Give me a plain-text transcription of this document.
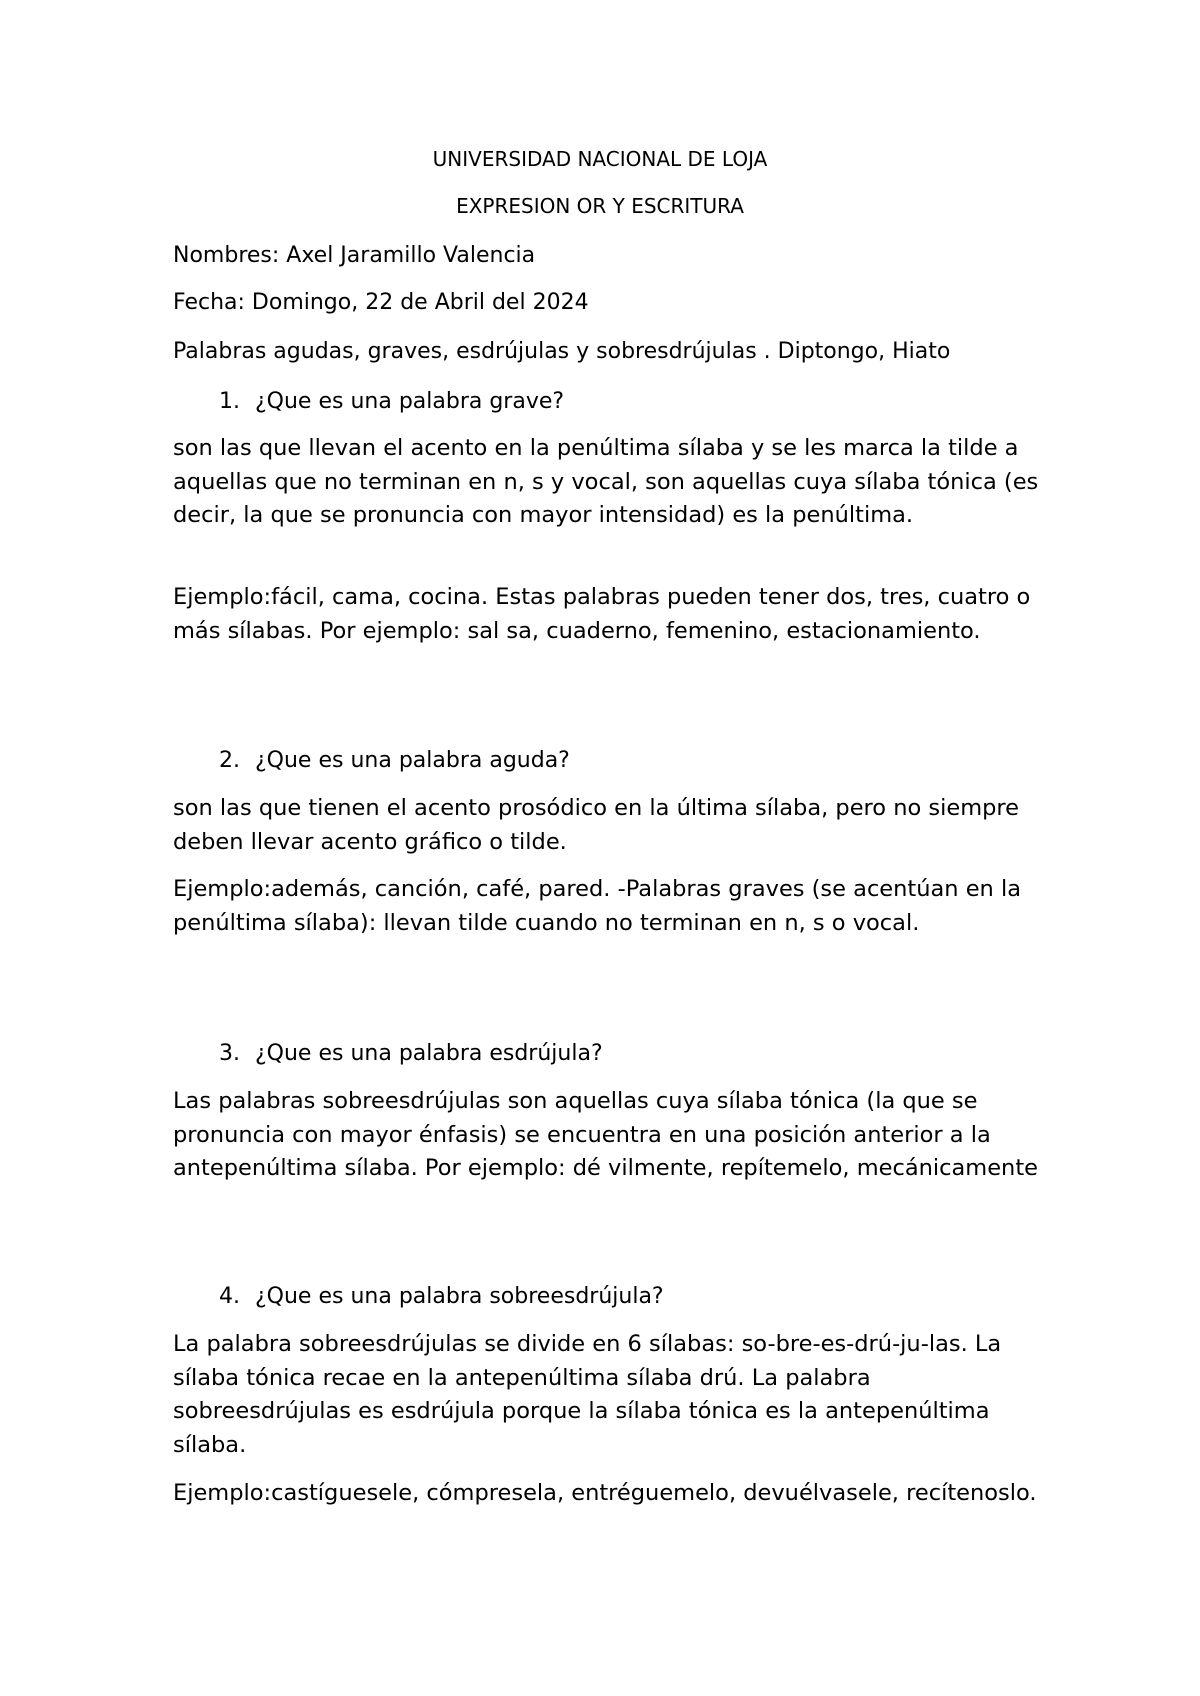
UNIVERSIDAD NACIONAL DE LOJA
EXPRESION OR Y ESCRITURA
Nombres: Axel Jaramillo Valencia
Fecha: Domingo, 22 de Abril del 2024
Palabras agudas, graves, esdrújulas y sobresdrújulas . Diptongo, Hiato
1. ¿Que es una palabra grave?
son las que llevan el acento en la penúltima sílaba y se les marca la tilde a aquellas que no terminan en n, s y vocal, son aquellas cuya sílaba tónica (es decir, la que se pronuncia con mayor intensidad) es la penúltima.
Ejemplo:fácil, cama, cocina. Estas palabras pueden tener dos, tres, cuatro o más sílabas. Por ejemplo: sal sa, cuaderno, femenino, estacionamiento.
2. ¿Que es una palabra aguda?
son las que tienen el acento prosódico en la última sílaba, pero no siempre deben llevar acento gráfico o tilde.
Ejemplo:además, canción, café, pared. -Palabras graves (se acentúan en la penúltima sílaba): llevan tilde cuando no terminan en n, s o vocal.
3. ¿Que es una palabra esdrújula?
Las palabras sobreesdrújulas son aquellas cuya sílaba tónica (la que se pronuncia con mayor énfasis) se encuentra en una posición anterior a la antepenúltima sílaba. Por ejemplo: dé vilmente, repítemelo, mecánicamente
4. ¿Que es una palabra sobreesdrújula?
La palabra sobreesdrújulas se divide en 6 sílabas: so-bre-es-drú-ju-las. La sílaba tónica recae en la antepenúltima sílaba drú. La palabra sobreesdrújulas es esdrújula porque la sílaba tónica es la antepenúltima sílaba.
Ejemplo:castíguesele, cómpresela, entréguemelo, devuélvasele, recítenoslo.
